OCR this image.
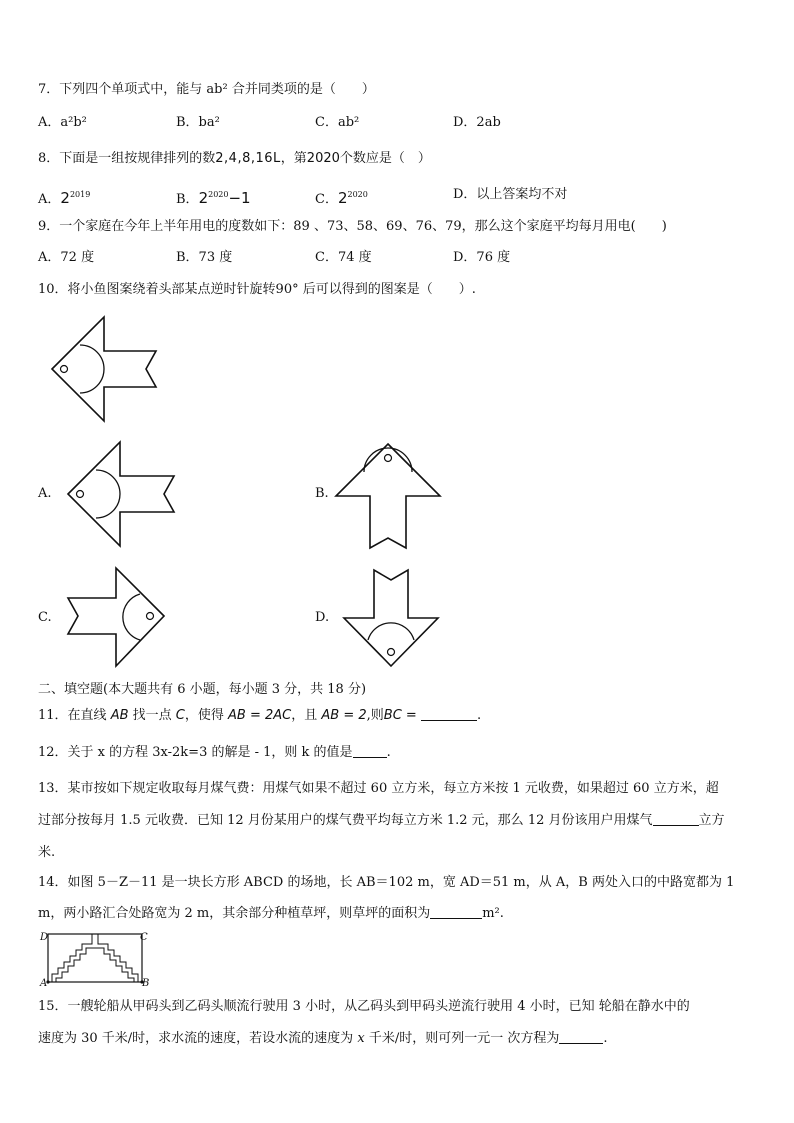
7．下列四个单项式中，能与 ab² 合并同类项的是（　　）
A．a²b²	B．ba²	C．ab²	D．2ab
8．下面是一组按规律排列的数2,4,8,16L，第2020个数应是（　）
A．$2^{2019}$	B．$2^{2020}-1$	C．$2^{2020}$	D．以上答案均不对
9．一个家庭在今年上半年用电的度数如下：89 、73、58、69、76、79，那么这个家庭平均每月用电(　　)
A．72 度	B．73 度	C．74 度	D．76 度
10．将小鱼图案绕着头部某点逆时针旋转90° 后可以得到的图案是（　　）.
A.	B.
C.	D.
二、填空题(本大题共有 6 小题，每小题 3 分，共 18 分)
11．在直线 AB 找一点 C，使得 AB = 2AC，且 AB = 2,则BC =	.
12．关于 x 的方程 3x-2k=3 的解是 - 1，则 k 的值是	.
13．某市按如下规定收取每月煤气费：用煤气如果不超过 60 立方米，每立方米按 1 元收费，如果超过 60 立方米，超
过部分按每月 1.5 元收费．已知 12 月份某用户的煤气费平均每立方米 1.2 元，那么 12 月份该用户用煤气	立方
米.
14．如图 5－Z－11 是一块长方形 ABCD 的场地，长 AB＝102 m，宽 AD＝51 m，从 A，B 两处入口的中路宽都为 1
m，两小路汇合处路宽为 2 m，其余部分种植草坪，则草坪的面积为	m².
D	C
A	B
15．一艘轮船从甲码头到乙码头顺流行驶用 3 小时，从乙码头到甲码头逆流行驶用 4 小时，已知 轮船在静水中的
速度为 30 千米/时，求水流的速度，若设水流的速度为 x 千米/时，则可列一元一 次方程为	.
